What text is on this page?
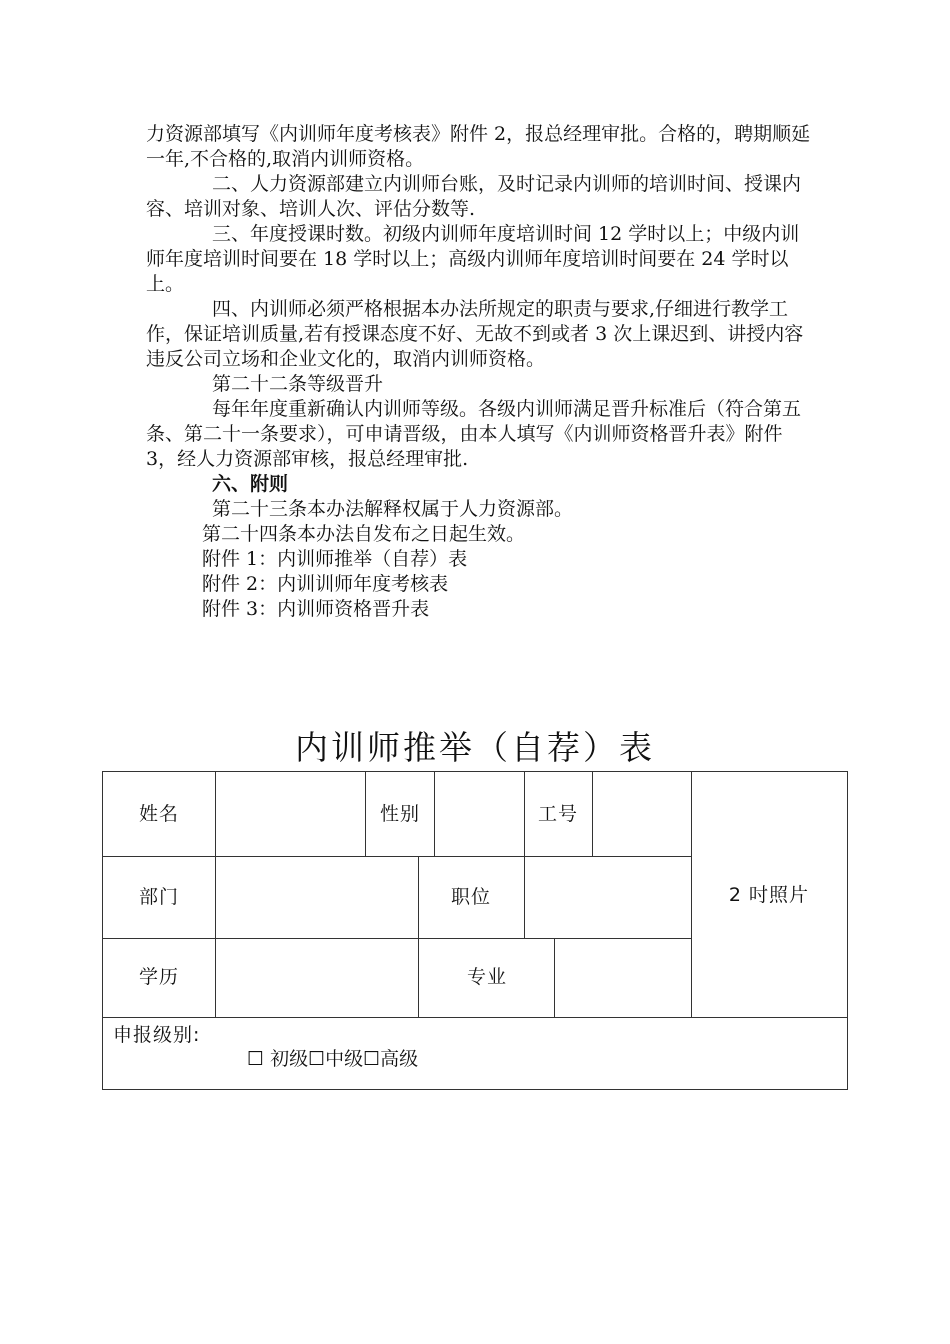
力资源部填写《内训师年度考核表》附件 2，报总经理审批。合格的，聘期顺延一年,不合格的,取消内训师资格。

二、人力资源部建立内训师台账，及时记录内训师的培训时间、授课内容、培训对象、培训人次、评估分数等.

三、年度授课时数。初级内训师年度培训时间 12 学时以上；中级内训师年度培训时间要在 18 学时以上；高级内训师年度培训时间要在 24 学时以上。

四、内训师必须严格根据本办法所规定的职责与要求,仔细进行教学工作，保证培训质量,若有授课态度不好、无故不到或者 3 次上课迟到、讲授内容违反公司立场和企业文化的，取消内训师资格。

第二十二条等级晋升

每年年度重新确认内训师等级。各级内训师满足晋升标准后（符合第五条、第二十一条要求），可申请晋级，由本人填写《内训师资格晋升表》附件 3，经人力资源部审核，报总经理审批.

六、附则

第二十三条本办法解释权属于人力资源部。

第二十四条本办法自发布之日起生效。

附件 1：内训师推举（自荐）表

附件 2：内训训师年度考核表

附件 3：内训师资格晋升表

内训师推举（自荐）表
姓名	性别	工号
部门	职位	2 吋照片
学历	专业
申报级别:
☐ 初级☐中级☐高级
